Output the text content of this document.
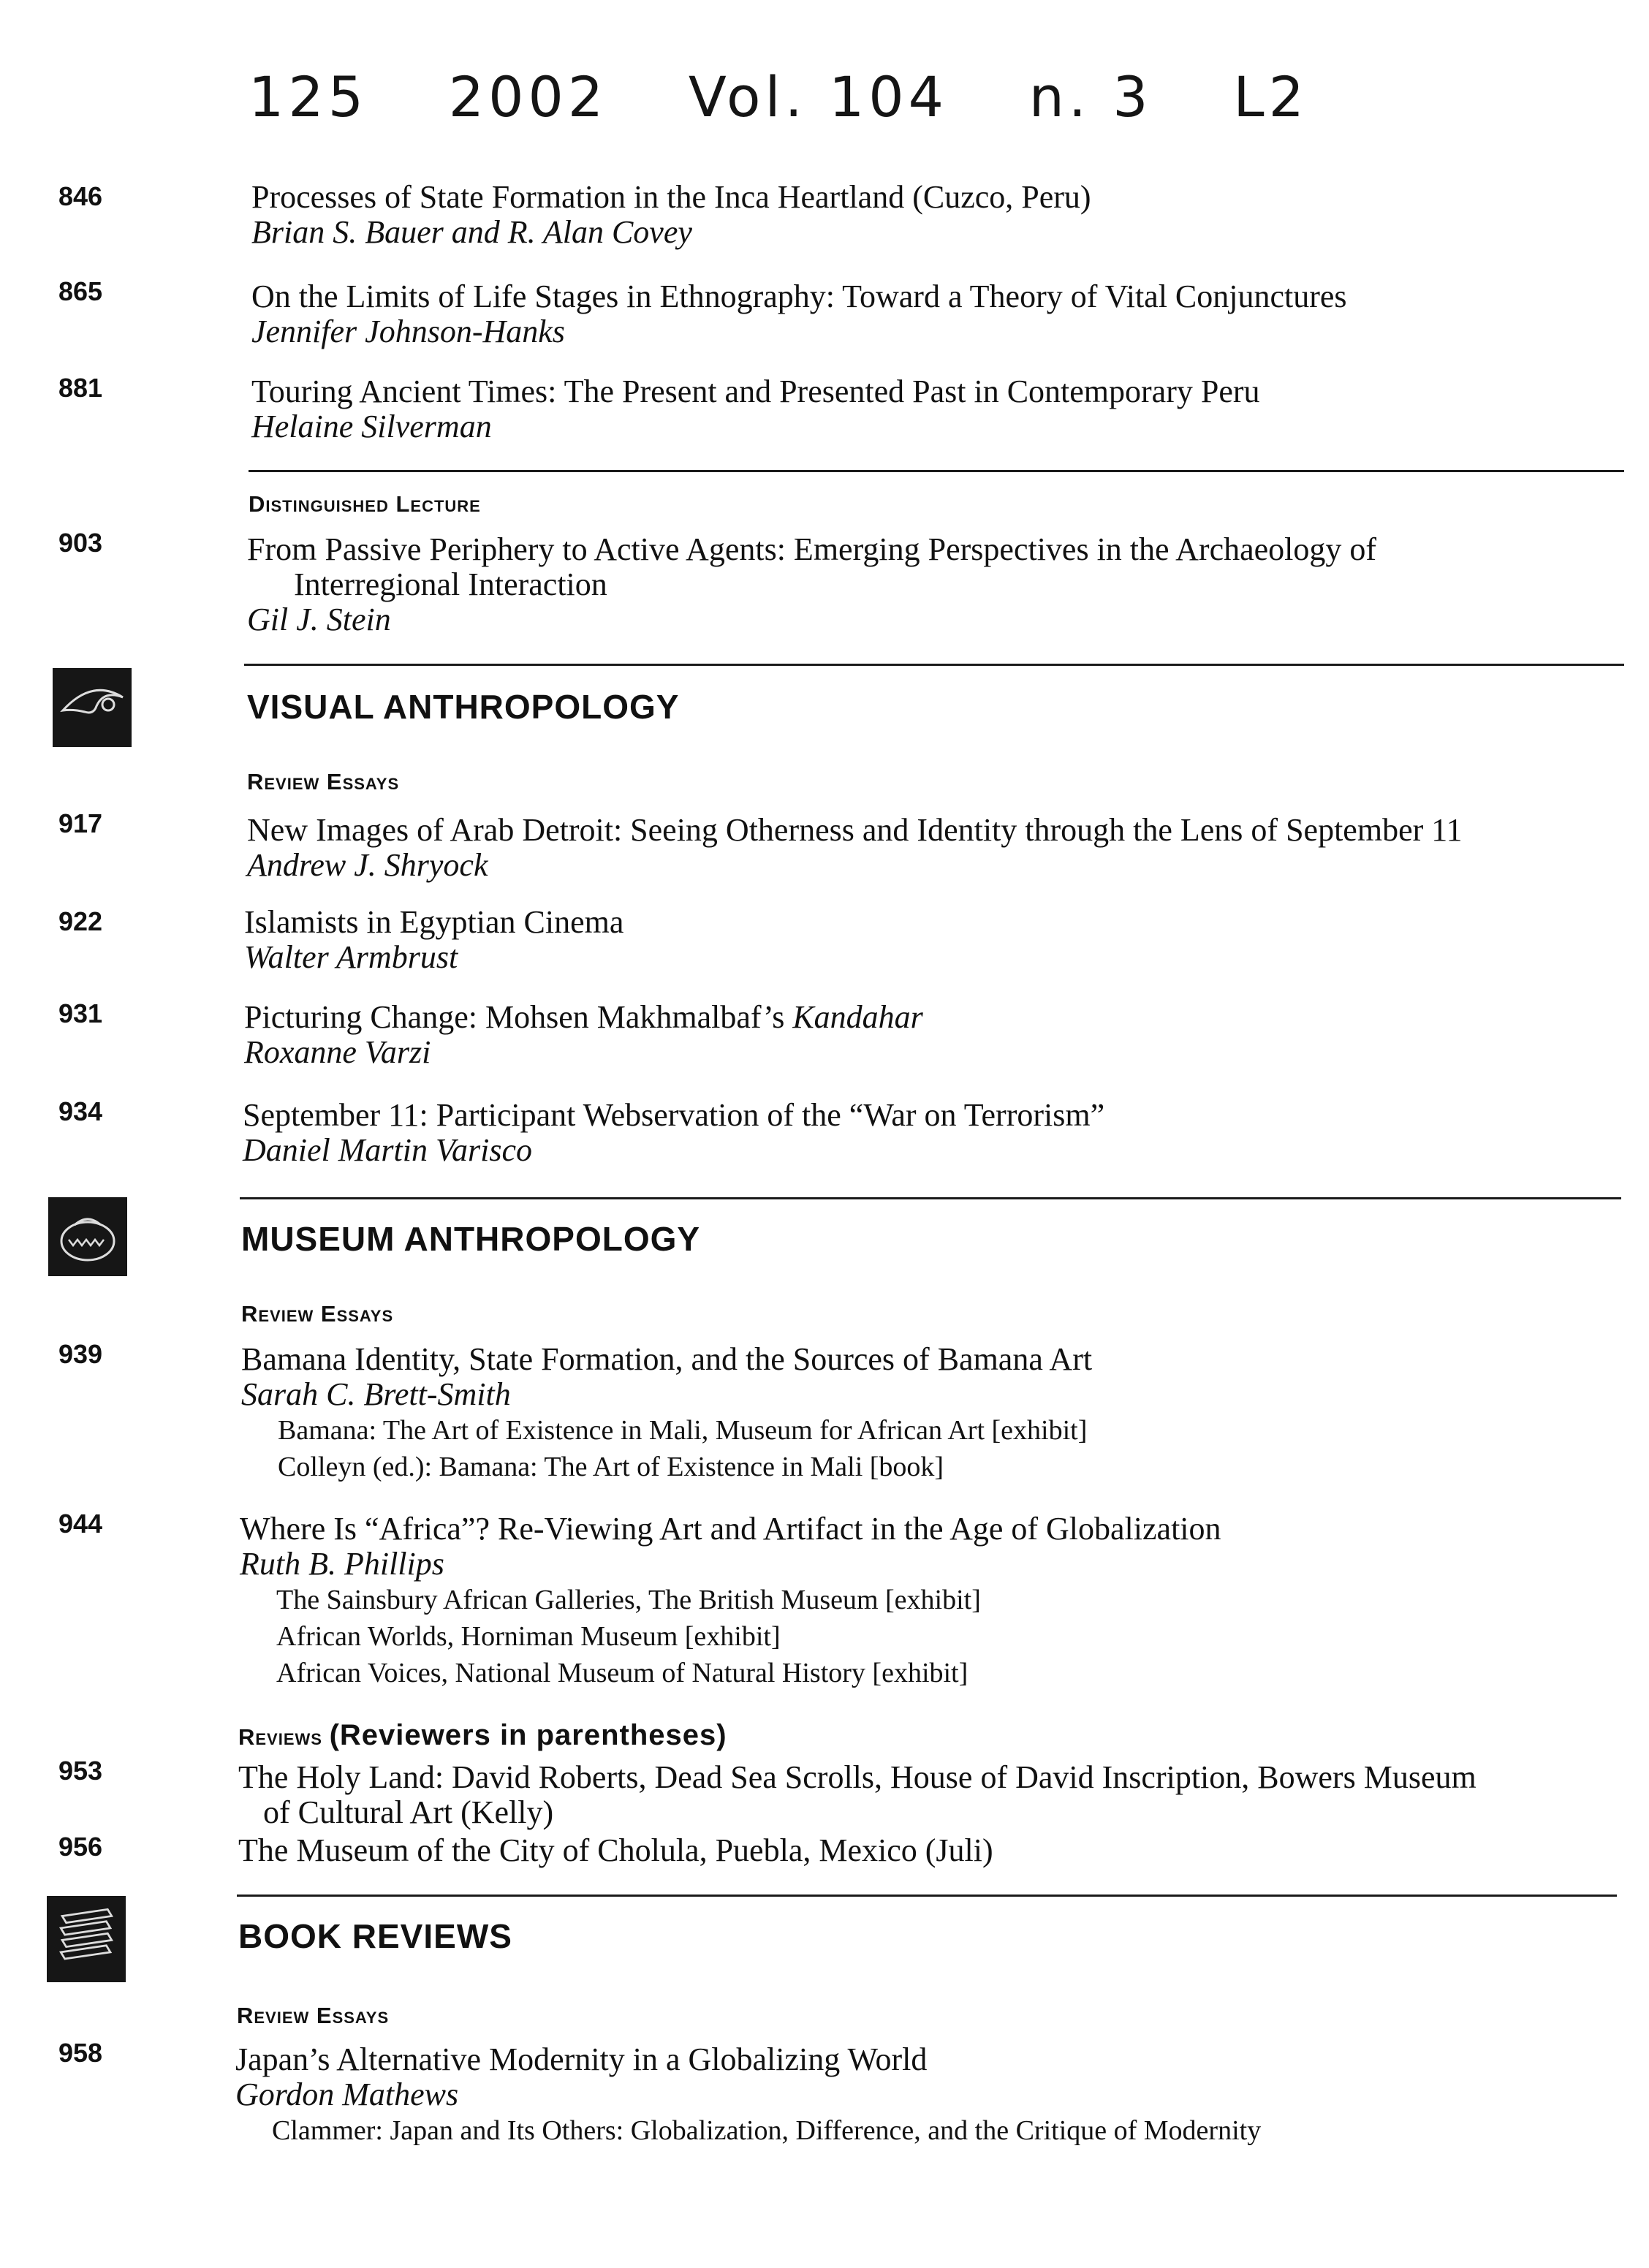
125 2002 Vol. 104 n. 3 L2
846	Processes of State Formation in the Inca Heartland (Cuzco, Peru)
Brian S. Bauer and R. Alan Covey
865	On the Limits of Life Stages in Ethnography: Toward a Theory of Vital Conjunctures
Jennifer Johnson-Hanks
881	Touring Ancient Times: The Present and Presented Past in Contemporary Peru
Helaine Silverman
Distinguished Lecture
903	From Passive Periphery to Active Agents: Emerging Perspectives in the Archaeology of
Interregional Interaction
Gil J. Stein
VISUAL ANTHROPOLOGY
Review Essays
917	New Images of Arab Detroit: Seeing Otherness and Identity through the Lens of September 11
Andrew J. Shryock
922	Islamists in Egyptian Cinema
Walter Armbrust
931	Picturing Change: Mohsen Makhmalbaf’s Kandahar
Roxanne Varzi
934	September 11: Participant Webservation of the “War on Terrorism”
Daniel Martin Varisco
MUSEUM ANTHROPOLOGY
Review Essays
939	Bamana Identity, State Formation, and the Sources of Bamana Art
Sarah C. Brett-Smith
Bamana: The Art of Existence in Mali, Museum for African Art [exhibit]
Colleyn (ed.): Bamana: The Art of Existence in Mali [book]
944	Where Is “Africa”? Re-Viewing Art and Artifact in the Age of Globalization
Ruth B. Phillips
The Sainsbury African Galleries, The British Museum [exhibit]
African Worlds, Horniman Museum [exhibit]
African Voices, National Museum of Natural History [exhibit]
Reviews (Reviewers in parentheses)
953	The Holy Land: David Roberts, Dead Sea Scrolls, House of David Inscription, Bowers Museum
of Cultural Art (Kelly)
956	The Museum of the City of Cholula, Puebla, Mexico (Juli)
BOOK REVIEWS
Review Essays
958	Japan’s Alternative Modernity in a Globalizing World
Gordon Mathews
Clammer: Japan and Its Others: Globalization, Difference, and the Critique of Modernity
